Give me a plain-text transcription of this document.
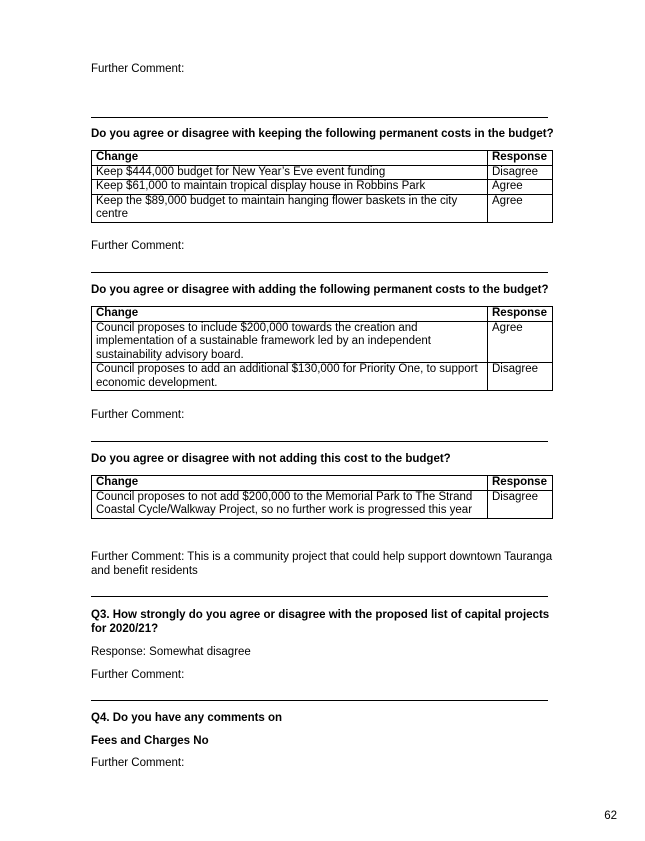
Further Comment:
Do you agree or disagree with keeping the following permanent costs in the budget?
Change	Response
Keep $444,000 budget for New Year’s Eve event funding	Disagree
Keep $61,000 to maintain tropical display house in Robbins Park	Agree
Keep the $89,000 budget to maintain hanging flower baskets in the city centre	Agree
Further Comment:
Do you agree or disagree with adding the following permanent costs to the budget?
Change	Response
Council proposes to include $200,000 towards the creation and implementation of a sustainable framework led by an independent sustainability advisory board.	Agree
Council proposes to add an additional $130,000 for Priority One, to support economic development.	Disagree
Further Comment:
Do you agree or disagree with not adding this cost to the budget?
Change	Response
Council proposes to not add $200,000 to the Memorial Park to The Strand Coastal Cycle/Walkway Project, so no further work is progressed this year	Disagree
Further Comment: This is a community project that could help support downtown Tauranga and benefit residents
Q3. How strongly do you agree or disagree with the proposed list of capital projects for 2020/21?
Response: Somewhat disagree
Further Comment:
Q4. Do you have any comments on
Fees and Charges No
Further Comment:
62
